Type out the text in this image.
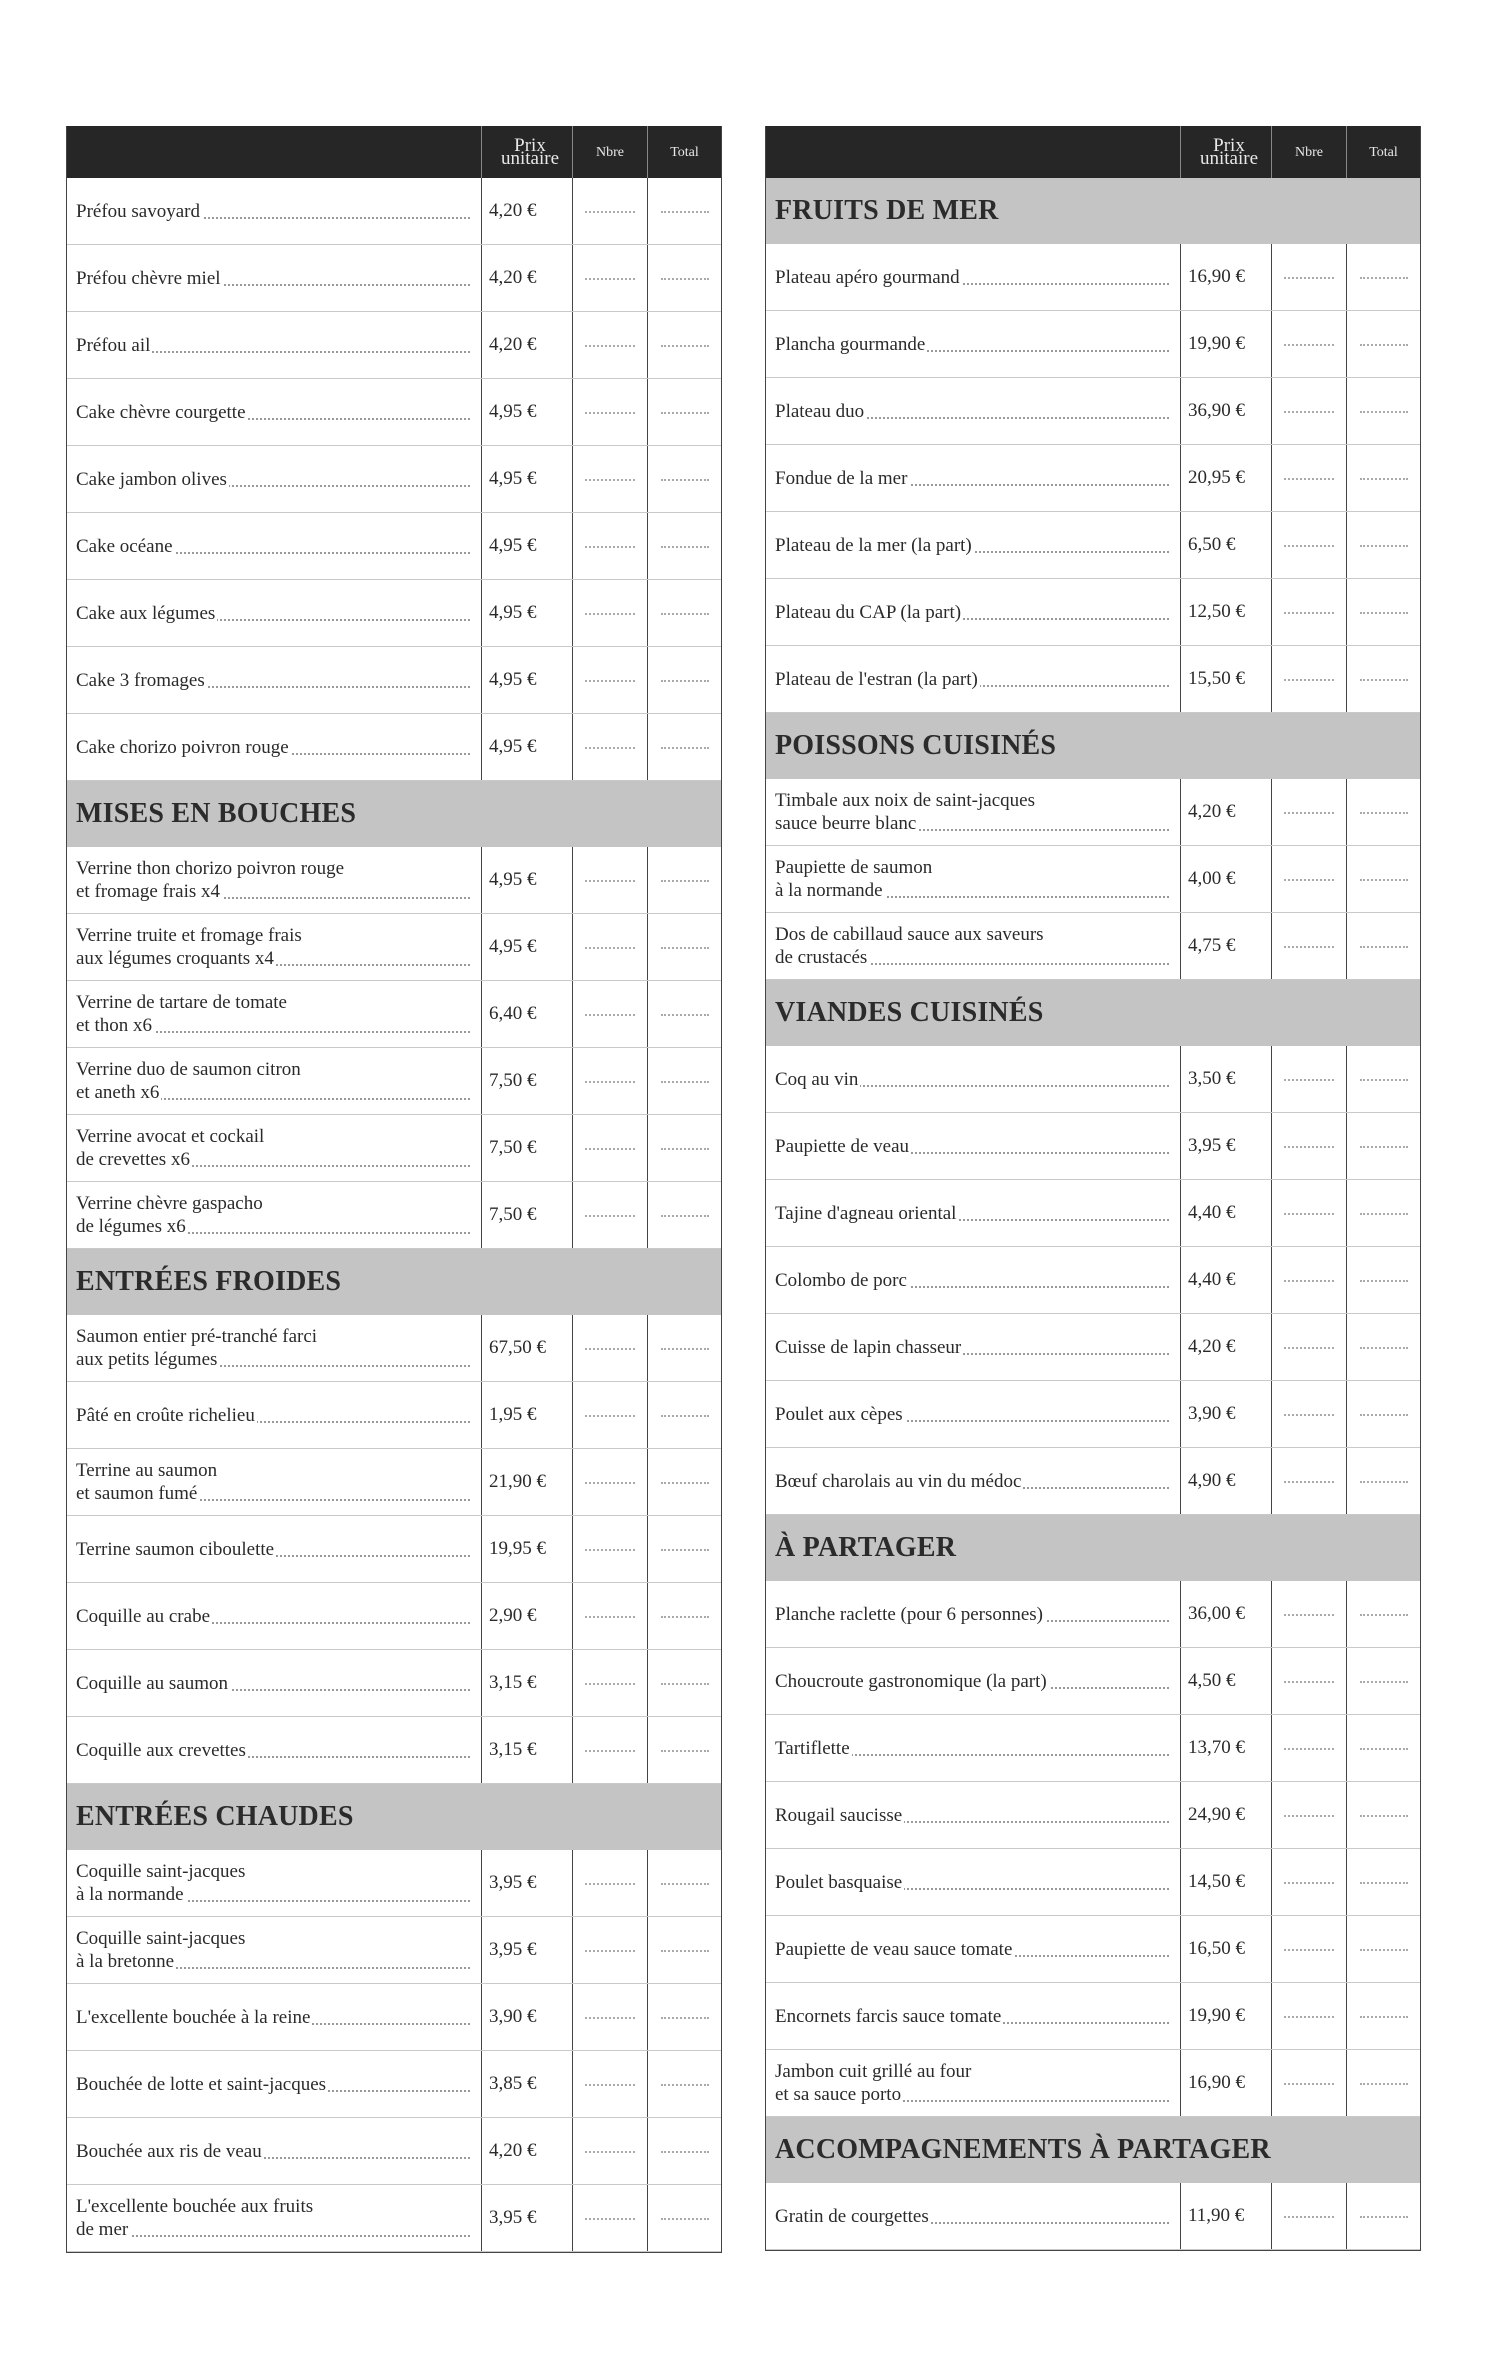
Prix unitaire	Nbre	Total
Préfou savoyard	4,20 €
Préfou chèvre miel	4,20 €
Préfou ail	4,20 €
Cake chèvre courgette	4,95 €
Cake jambon olives	4,95 €
Cake océane	4,95 €
Cake aux légumes	4,95 €
Cake 3 fromages	4,95 €
Cake chorizo poivron rouge	4,95 €
MISES EN BOUCHES
Verrine thon chorizo poivron rouge
et fromage frais x4
4,95 €
Verrine truite et fromage frais
aux légumes croquants x4
4,95 €
Verrine de tartare de tomate
et thon x6
6,40 €
Verrine duo de saumon citron
et aneth x6
7,50 €
Verrine avocat et cockail
de crevettes x6
7,50 €
Verrine chèvre gaspacho
de légumes x6
7,50 €
ENTRÉES FROIDES
Saumon entier pré-tranché farci
aux petits légumes
67,50 €
Pâté en croûte richelieu	1,95 €
Terrine au saumon
et saumon fumé
21,90 €
Terrine saumon ciboulette	19,95 €
Coquille au crabe	2,90 €
Coquille au saumon	3,15 €
Coquille aux crevettes	3,15 €
ENTRÉES CHAUDES
Coquille saint-jacques
à la normande
3,95 €
Coquille saint-jacques
à la bretonne
3,95 €
L'excellente bouchée à la reine	3,90 €
Bouchée de lotte et saint-jacques	3,85 €
Bouchée aux ris de veau	4,20 €
L'excellente bouchée aux fruits
de mer
3,95 €
Prix unitaire	Nbre	Total
FRUITS DE MER
Plateau apéro gourmand	16,90 €
Plancha gourmande	19,90 €
Plateau duo	36,90 €
Fondue de la mer	20,95 €
Plateau de la mer (la part)	6,50 €
Plateau du CAP (la part)	12,50 €
Plateau de l'estran (la part)	15,50 €
POISSONS CUISINÉS
Timbale aux noix de saint-jacques
sauce beurre blanc
4,20 €
Paupiette de saumon
à la normande
4,00 €
Dos de cabillaud sauce aux saveurs
de crustacés
4,75 €
VIANDES CUISINÉS
Coq au vin	3,50 €
Paupiette de veau	3,95 €
Tajine d'agneau oriental	4,40 €
Colombo de porc	4,40 €
Cuisse de lapin chasseur	4,20 €
Poulet aux cèpes	3,90 €
Bœuf charolais au vin du médoc	4,90 €
À PARTAGER
Planche raclette (pour 6 personnes)	36,00 €
Choucroute gastronomique (la part)	4,50 €
Tartiflette	13,70 €
Rougail saucisse	24,90 €
Poulet basquaise	14,50 €
Paupiette de veau sauce tomate	16,50 €
Encornets farcis sauce tomate	19,90 €
Jambon cuit grillé au four
et sa sauce porto
16,90 €
ACCOMPAGNEMENTS À PARTAGER
Gratin de courgettes	11,90 €
